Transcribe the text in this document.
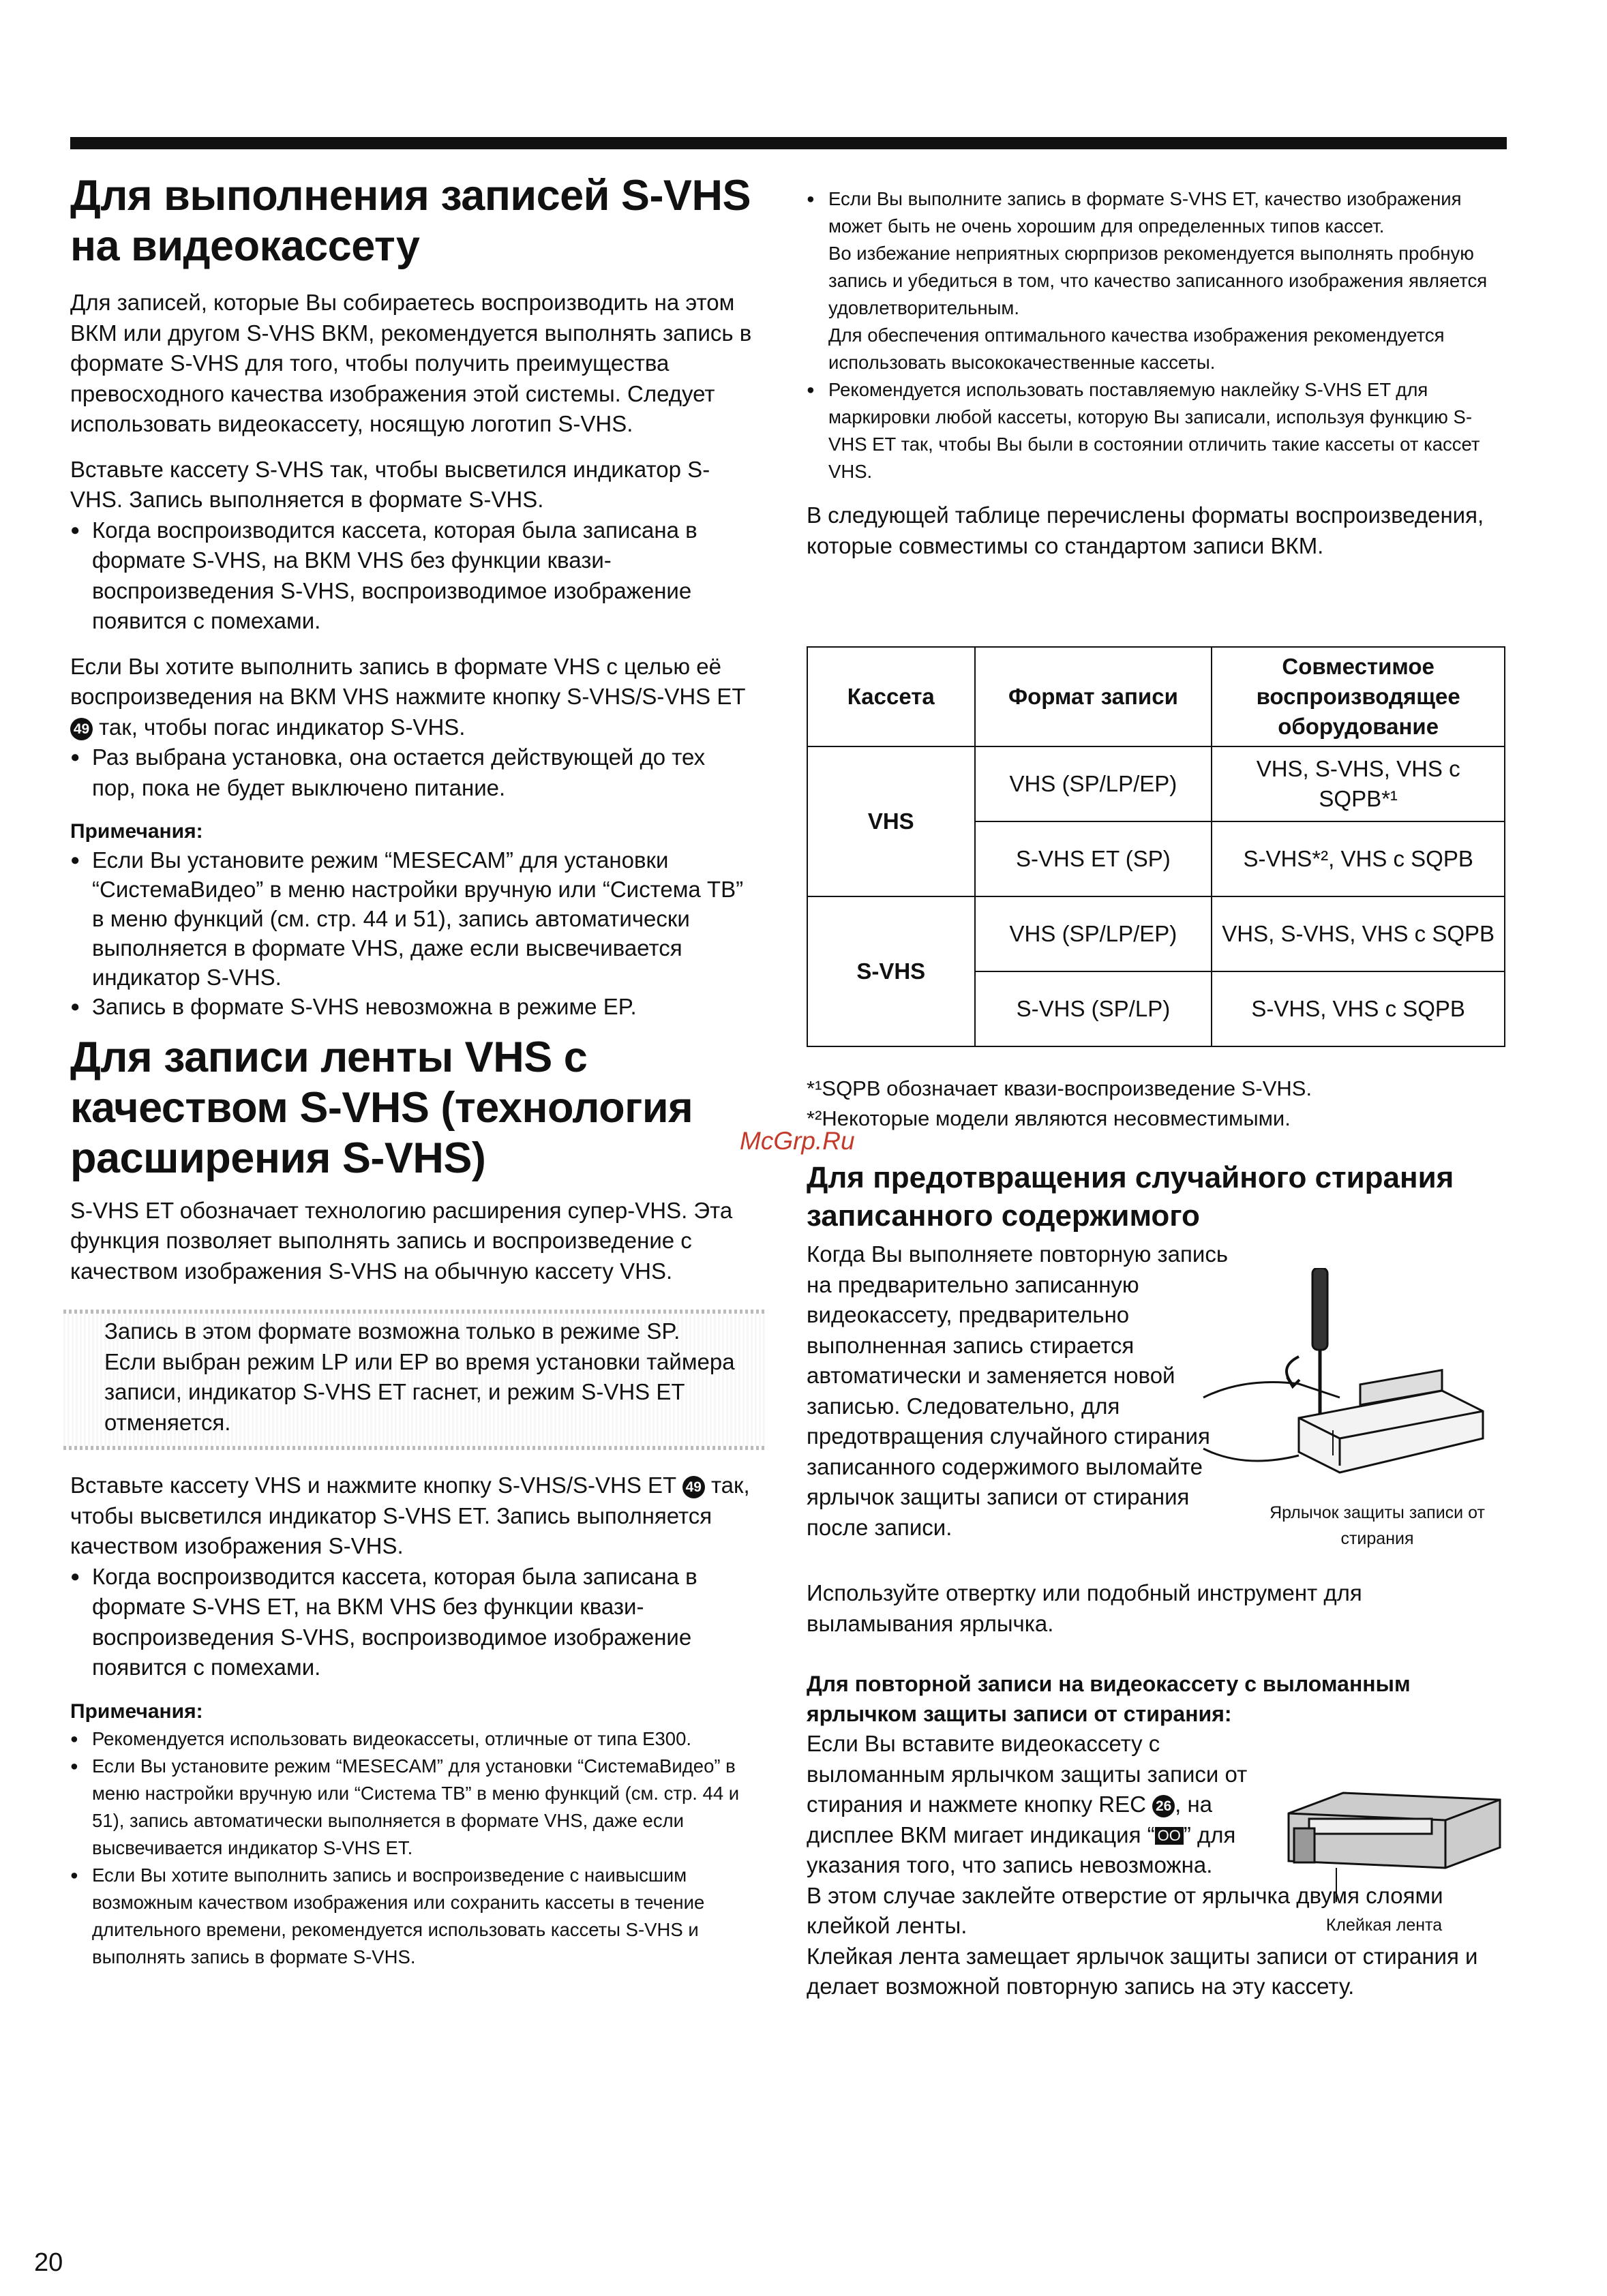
Для выполнения записей S-VHS на видеокассету

Для записей, которые Вы собираетесь воспроизводить на этом ВКМ или другом S-VHS ВКМ, рекомендуется выполнять запись в формате S-VHS для того, чтобы получить преимущества превосходного качества изображения этой системы. Следует использовать видеокассету, носящую логотип S-VHS.

Вставьте кассету S-VHS так, чтобы высветился индикатор S-VHS. Запись выполняется в формате S-VHS.

● Когда воспроизводится кассета, которая была записана в формате S-VHS, на ВКМ VHS без функции квази-воспроизведения S-VHS, воспроизводимое изображение появится с помехами.

Если Вы хотите выполнить запись в формате VHS с целью её воспроизведения на ВКМ VHS нажмите кнопку S-VHS/S-VHS ET 49 так, чтобы погас индикатор S-VHS.

● Раз выбрана установка, она остается действующей до тех пор, пока не будет выключено питание.

Примечания:

● Если Вы установите режим “MESECAM” для установки “СистемаВидео” в меню настройки вручную или “Система ТВ” в меню функций (см. стр. 44 и 51), запись автоматически выполняется в формате VHS, даже если высвечивается индикатор S-VHS.

● Запись в формате S-VHS невозможна в режиме EP.

Для записи ленты VHS с качеством S-VHS (технология расширения S-VHS)

S-VHS ET обозначает технологию расширения супер-VHS. Эта функция позволяет выполнять запись и воспроизведение с качеством изображения S-VHS на обычную кассету VHS.

Запись в этом формате возможна только в режиме SP.

Если выбран режим LP или EP во время установки таймера записи, индикатор S-VHS ET гаснет, и режим S-VHS ET отменяется.

Вставьте кассету VHS и нажмите кнопку S-VHS/S-VHS ET 49 так, чтобы высветился индикатор S-VHS ET. Запись выполняется качеством изображения S-VHS.

● Когда воспроизводится кассета, которая была записана в формате S-VHS ET, на ВКМ VHS без функции квази-воспроизведения S-VHS, воспроизводимое изображение появится с помехами.

Примечания:

● Рекомендуется использовать видеокассеты, отличные от типа E300.

● Если Вы установите режим “MESECAM” для установки “СистемаВидео” в меню настройки вручную или “Система ТВ” в меню функций (см. стр. 44 и 51), запись автоматически выполняется в формате VHS, даже если высвечивается индикатор S-VHS ET.

● Если Вы хотите выполнить запись и воспроизведение с наивысшим возможным качеством изображения или сохранить кассеты в течение длительного времени, рекомендуется использовать кассеты S-VHS и выполнять запись в формате S-VHS.

● Если Вы выполните запись в формате S-VHS ET, качество изображения может быть не очень хорошим для определенных типов кассет.
Во избежание неприятных сюрпризов рекомендуется выполнять пробную запись и убедиться в том, что качество записанного изображения является удовлетворительным.
Для обеспечения оптимального качества изображения рекомендуется использовать высококачественные кассеты.

● Рекомендуется использовать поставляемую наклейку S-VHS ET для маркировки любой кассеты, которую Вы записали, используя функцию S-VHS ET так, чтобы Вы были в состоянии отличить такие кассеты от кассет VHS.

В следующей таблице перечислены форматы воспроизведения, которые совместимы со стандартом записи ВКМ.

Кассета	Формат записи	Совместимое воспроизводящее оборудование
VHS	VHS (SP/LP/EP)	VHS, S-VHS, VHS с SQPB*¹
	S-VHS ET (SP)	S-VHS*², VHS с SQPB
S-VHS	VHS (SP/LP/EP)	VHS, S-VHS, VHS с SQPB
	S-VHS (SP/LP)	S-VHS, VHS с SQPB

*¹SQPB обозначает квази-воспроизведение S-VHS.

*²Некоторые модели являются несовместимыми.

McGrp.Ru
Для предотвращения случайного стирания записанного содержимого

Когда Вы выполняете повторную запись на предварительно записанную видеокассету, предварительно выполненная запись стирается автоматически и заменяется новой записью. Следовательно, для предотвращения случайного стирания записанного содержимого выломайте ярлычок защиты записи от стирания после записи.

Используйте отвертку или подобный инструмент для выламывания ярлычка.

Для повторной записи на видеокассету с выломанным ярлычком защиты записи от стирания:

Если Вы вставите видеокассету с выломанным ярлычком защиты записи от стирания и нажмете кнопку REC 26 , на дисплее ВКМ мигает индикация “ OO ” для указания того, что запись невозможна.

В этом случае заклейте отверстие от ярлычка двумя слоями клейкой ленты.

Клейкая лента замещает ярлычок защиты записи от стирания и делает возможной повторную запись на эту кассету.

Ярлычок защиты записи от стирания
Клейкая лента
20
